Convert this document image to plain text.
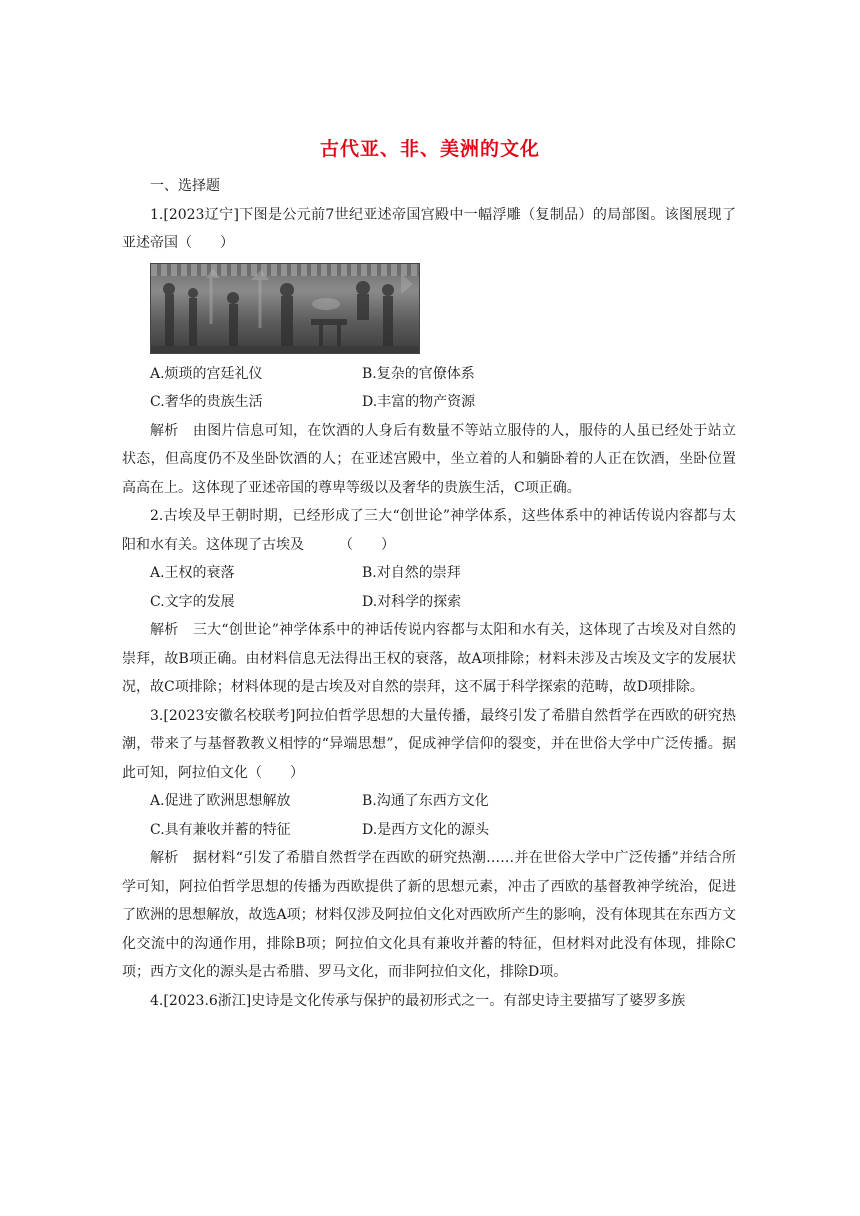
古代亚、非、美洲的文化

一、选择题

1.[2023辽宁]下图是公元前7世纪亚述帝国宫殿中一幅浮雕（复制品）的局部图。该图展现了亚述帝国（　　）

A.烦琐的宫廷礼仪	B.复杂的官僚体系
C.奢华的贵族生活	D.丰富的物产资源

解析　由图片信息可知，在饮酒的人身后有数量不等站立服侍的人，服侍的人虽已经处于站立状态，但高度仍不及坐卧饮酒的人；在亚述宫殿中，坐立着的人和躺卧着的人正在饮酒，坐卧位置高高在上。这体现了亚述帝国的尊卑等级以及奢华的贵族生活，C项正确。

2.古埃及早王朝时期，已经形成了三大“创世论”神学体系，这些体系中的神话传说内容都与太阳和水有关。这体现了古埃及　　　（　　）

A.王权的衰落	B.对自然的崇拜
C.文字的发展	D.对科学的探索

解析　三大“创世论”神学体系中的神话传说内容都与太阳和水有关，这体现了古埃及对自然的崇拜，故B项正确。由材料信息无法得出王权的衰落，故A项排除；材料未涉及古埃及文字的发展状况，故C项排除；材料体现的是古埃及对自然的崇拜，这不属于科学探索的范畴，故D项排除。

3.[2023安徽名校联考]阿拉伯哲学思想的大量传播，最终引发了希腊自然哲学在西欧的研究热潮，带来了与基督教教义相悖的“异端思想”，促成神学信仰的裂变，并在世俗大学中广泛传播。据此可知，阿拉伯文化（　　）

A.促进了欧洲思想解放	B.沟通了东西方文化
C.具有兼收并蓄的特征	D.是西方文化的源头

解析　据材料“引发了希腊自然哲学在西欧的研究热潮……并在世俗大学中广泛传播”并结合所学可知，阿拉伯哲学思想的传播为西欧提供了新的思想元素，冲击了西欧的基督教神学统治，促进了欧洲的思想解放，故选A项；材料仅涉及阿拉伯文化对西欧所产生的影响，没有体现其在东西方文化交流中的沟通作用，排除B项；阿拉伯文化具有兼收并蓄的特征，但材料对此没有体现，排除C项；西方文化的源头是古希腊、罗马文化，而非阿拉伯文化，排除D项。

4.[2023.6浙江]史诗是文化传承与保护的最初形式之一。有部史诗主要描写了婆罗多族
